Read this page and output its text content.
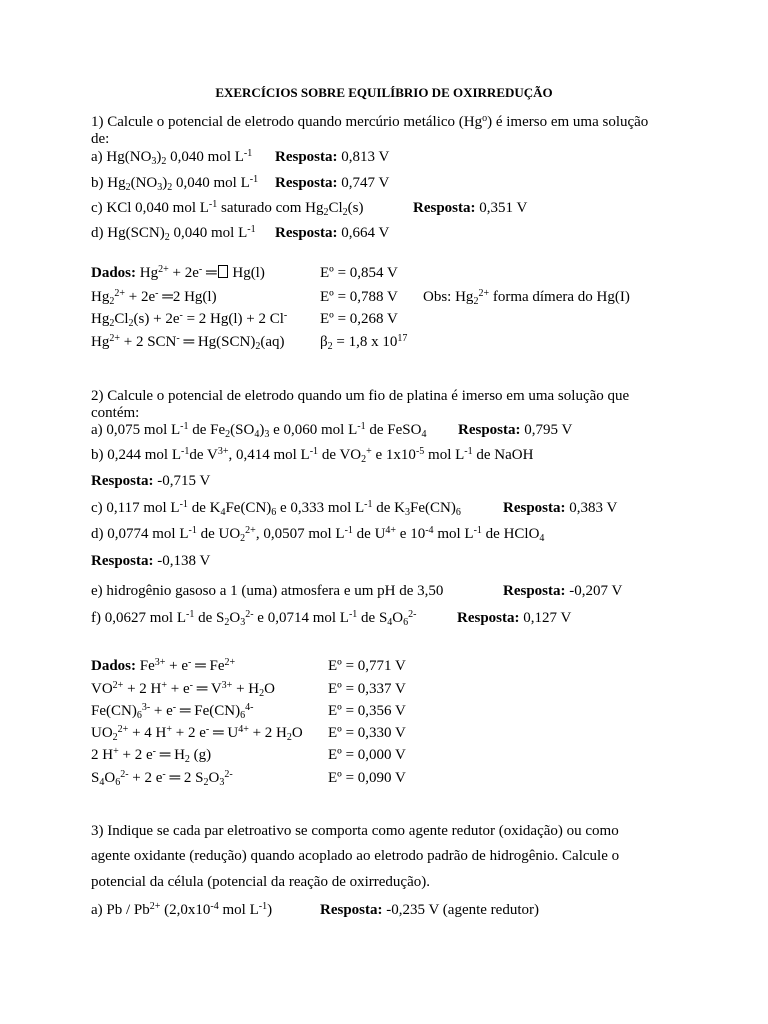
EXERCÍCIOS SOBRE EQUILÍBRIO DE OXIRREDUÇÃO
1) Calcule o potencial de eletrodo quando mercúrio metálico (Hg$^o$) é imerso em uma solução
de:
a) $Hg(NO_3)_2$ 0,040 mol $L^{-1}$ Resposta: 0,813 V
b) $Hg_2(NO_3)_2$ 0,040 mol $L^{-1}$ Resposta: 0,747 V
c) KCl 0,040 mol $L^{-1}$ saturado com $Hg_2Cl_2(s)$	Resposta: 0,351 V
d) $Hg(SCN)_2$ 0,040 mol $L^{-1}$ Resposta: 0,664 V
Dados: $Hg^{2+} + 2e^-$ ═ Hg(l)	Eº = 0,854 V
$Hg_2^{2+} + 2e^-$ ═2 Hg(l)	Eº = 0,788 V Obs: $Hg_2^{2+}$ forma dímera do Hg(I)
$Hg_2Cl_2(s) + 2e^- = 2$ Hg(l) + 2 Cl- Eº = 0,268 V
$Hg^{2+} + 2$ SCN- ═ $Hg(SCN)_2(aq) \beta_2 = 1,8$ x $10^{17}$
2) Calcule o potencial de eletrodo quando um fio de platina é imerso em uma solução que
contém:
a) 0,075 mol $L^{-1}$ de $Fe_2(SO_4)_3$ e 0,060 mol $L^{-1}$ de FeSO$_4$ Resposta: 0,795 V
b) 0,244 mol $L^{-1}de$ $V^{3+}$, 0,414 mol $L^{-1}$ de $VO_2^+$ e $1x10^{-5}$ mol $L^{-1}$ de NaOH
Resposta: -0,715 V
c) 0,117 mol $L^{-1}$ de $K_4Fe(CN)_6$ e 0,333 mol $L^{-1}$ de $K_3Fe(CN)_6$	Resposta: 0,383 V
d) 0,0774 mol $L^{-1}$ de $UO_2^{2+}$, 0,0507 mol $L^{-1}$ de $U^{4+}$ e $10^{-4}$ mol $L^{-1}$ de HClO$_4$
Resposta: -0,138 V
e) hidrogênio gasoso a 1 (uma) atmosfera e um pH de 3,50	Resposta: -0,207 V
f) 0,0627 mol $L^{-1}$ de $S_2O_3^{2-}$ e 0,0714 mol $L^{-1}$ de $S_4O_6^{2-}$	Resposta: 0,127 V
Dados: $Fe^{3+} + e^-$ ═ $Fe^{2+}$	Eº = 0,771 V
$VO^{2+} + 2$ H+ + e- ═ $V^{3+} + H_2O$	Eº = 0,337 V
$Fe(CN)_6^{3-} + e^-$ ═ $Fe(CN)_6^{4-}$	Eº = 0,356 V
$UO_2^{2+} + 4$ H+ + 2 e- ═ $U^{4+} + 2$ $H_2O$ Eº = 0,330 V
2 H+ + 2 e- ═ $H_2$ (g)	Eº = 0,000 V
$S_4O_6^{2-} + 2$ e- ═ 2 $S_2O_3^{2-}$	Eº = 0,090 V
3) Indique se cada par eletroativo se comporta como agente redutor (oxidação) ou como
agente oxidante (redução) quando acoplado ao eletrodo padrão de hidrogênio. Calcule o
potencial da célula (potencial da reação de oxirredução).
a) Pb / $Pb^{2+}$ ($2,0x10^{-4}$ mol $L^{-1}$)	Resposta: -0,235 V (agente redutor)
